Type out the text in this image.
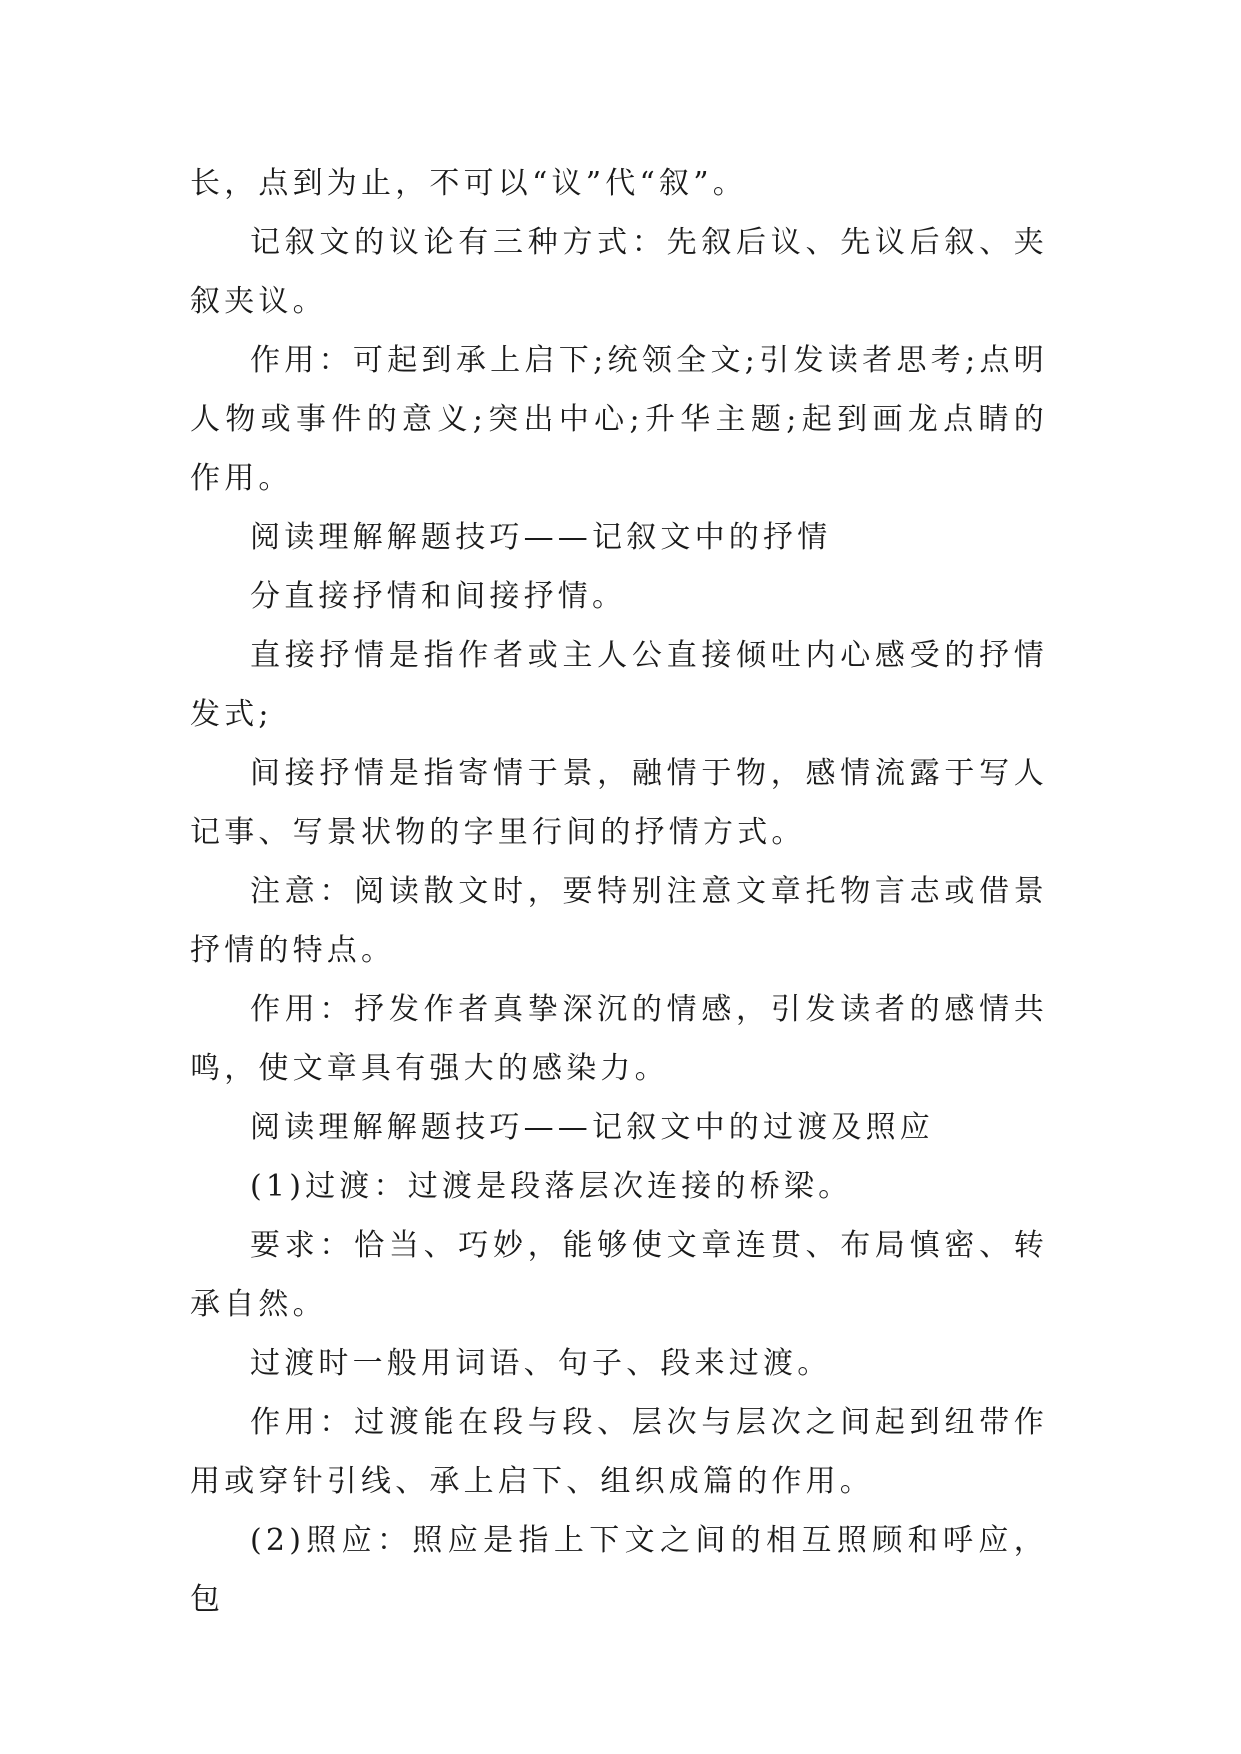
长，点到为止，不可以“议”代“叙”。

记叙文的议论有三种方式：先叙后议、先议后叙、夹叙夹议。

作用：可起到承上启下;统领全文;引发读者思考;点明人物或事件的意义;突出中心;升华主题;起到画龙点睛的作用。

阅读理解解题技巧——记叙文中的抒情

分直接抒情和间接抒情。

直接抒情是指作者或主人公直接倾吐内心感受的抒情发式;

间接抒情是指寄情于景，融情于物，感情流露于写人记事、写景状物的字里行间的抒情方式。

注意：阅读散文时，要特别注意文章托物言志或借景抒情的特点。

作用：抒发作者真挚深沉的情感，引发读者的感情共鸣，使文章具有强大的感染力。

阅读理解解题技巧——记叙文中的过渡及照应

(1)过渡：过渡是段落层次连接的桥梁。

要求：恰当、巧妙，能够使文章连贯、布局慎密、转承自然。

过渡时一般用词语、句子、段来过渡。

作用：过渡能在段与段、层次与层次之间起到纽带作用或穿针引线、承上启下、组织成篇的作用。

(2)照应：照应是指上下文之间的相互照顾和呼应，包
